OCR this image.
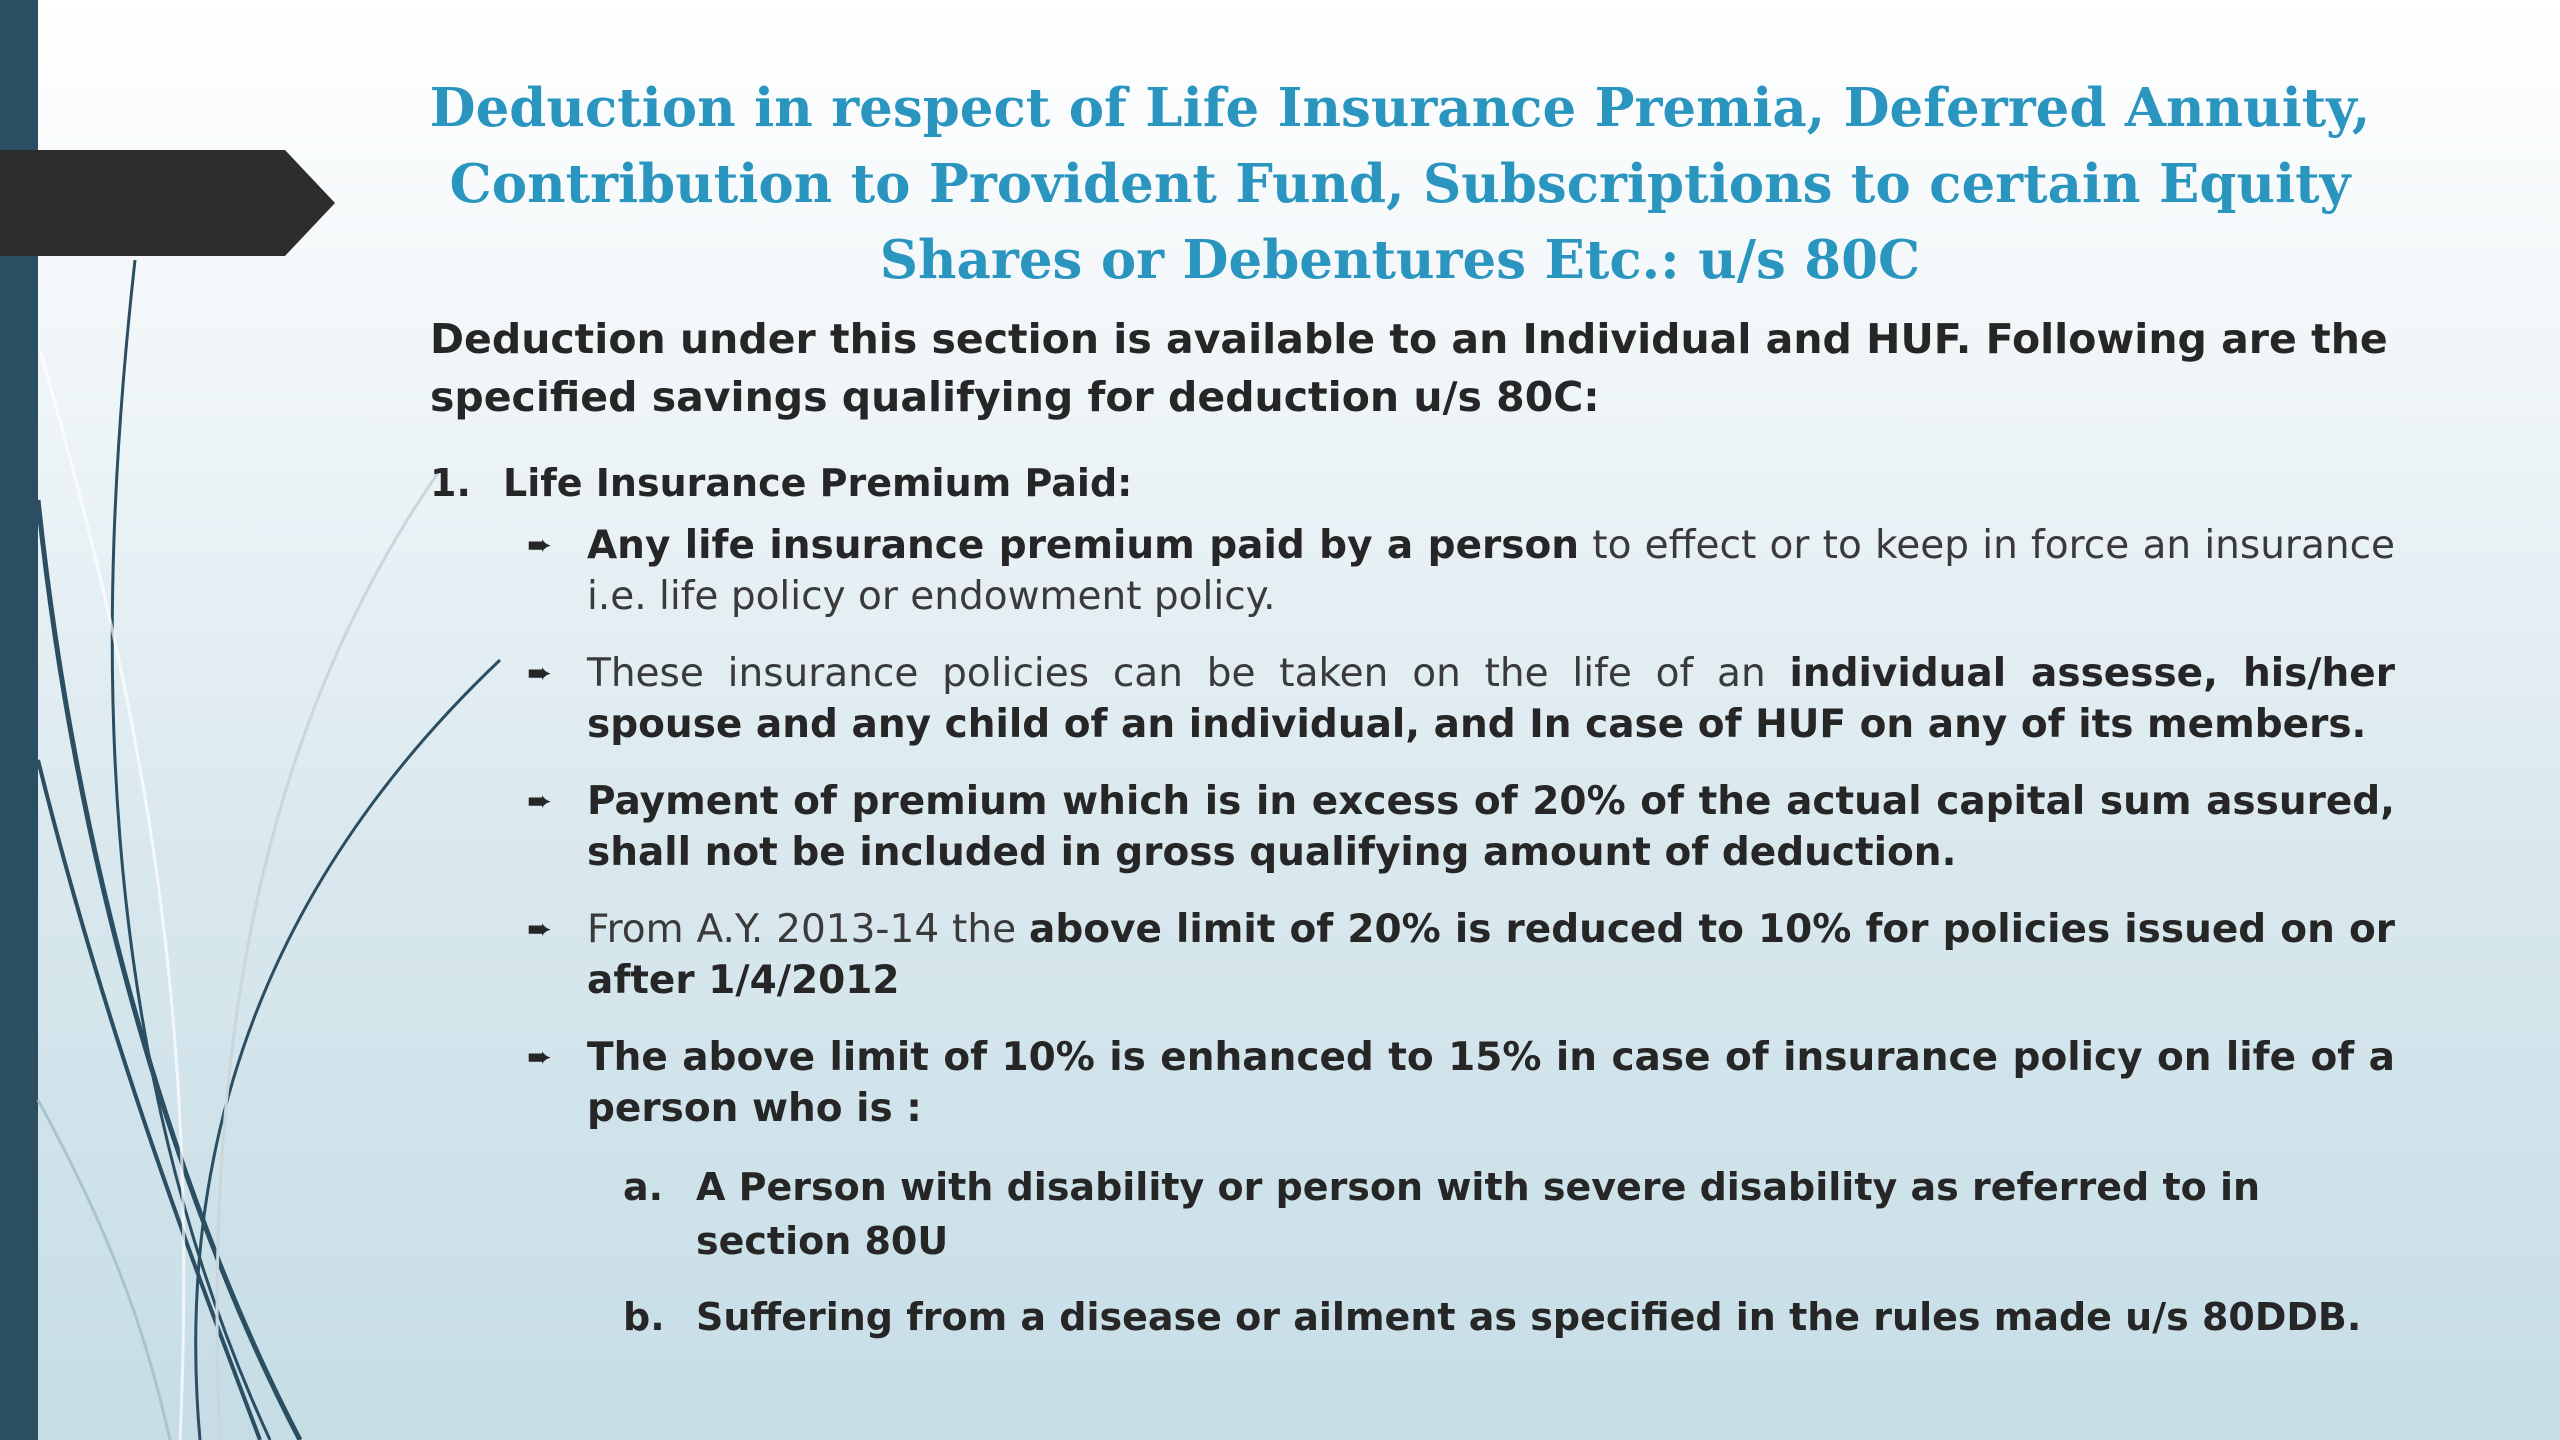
Deduction in respect of Life Insurance Premia, Deferred Annuity, Contribution to Provident Fund, Subscriptions to certain Equity Shares or Debentures Etc.: u/s 80C

Deduction under this section is available to an Individual and HUF. Following are the specified savings qualifying for deduction u/s 80C:

1. Life Insurance Premium Paid:
➨ Any life insurance premium paid by a person to effect or to keep in force an insurance i.e. life policy or endowment policy.
➨ These insurance policies can be taken on the life of an individual assesse, his/her spouse and any child of an individual, and In case of HUF on any of its members.
➨ Payment of premium which is in excess of 20% of the actual capital sum assured, shall not be included in gross qualifying amount of deduction.
➨ From A.Y. 2013-14 the above limit of 20% is reduced to 10% for policies issued on or after 1/4/2012
➨ The above limit of 10% is enhanced to 15% in case of insurance policy on life of a person who is :
a. A Person with disability or person with severe disability as referred to in section 80U
b. Suffering from a disease or ailment as specified in the rules made u/s 80DDB.
